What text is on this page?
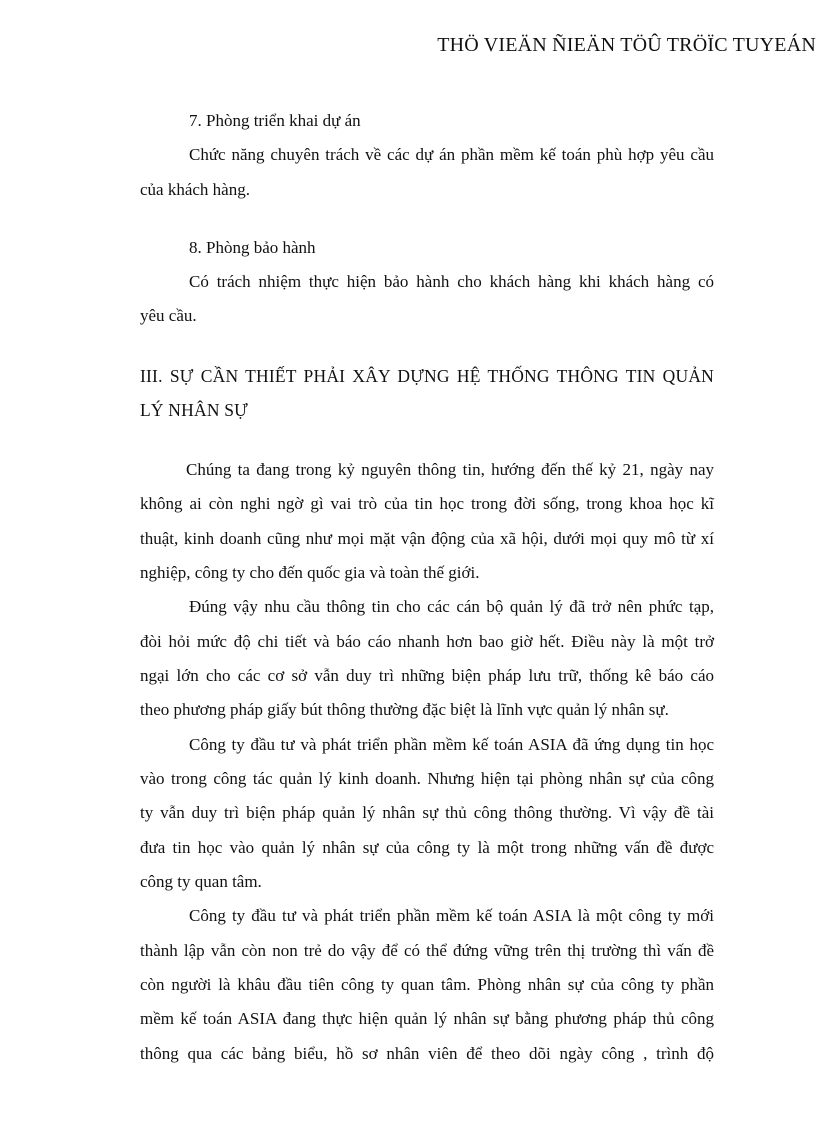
THÖ VIEÄN ÑIEÄN TÖÛ TRÖÏC TUYEÁN
7. Phòng triển khai dự án
Chức năng chuyên trách về các dự án phần mềm kế toán phù hợp yêu cầu
của khách hàng.
8. Phòng bảo hành
Có trách nhiệm thực hiện bảo hành cho khách hàng khi khách hàng có
yêu cầu.
III. SỰ CẦN THIẾT PHẢI XÂY DỰNG HỆ THỐNG THÔNG TIN QUẢN
LÝ NHÂN SỰ
Chúng ta đang trong kỷ nguyên thông tin, hướng đến thế kỷ 21, ngày nay
không ai còn nghi ngờ gì vai trò của tin học trong đời sống, trong khoa học kĩ
thuật, kinh doanh cũng như mọi mặt vận động của xã hội, dưới mọi quy mô từ xí
nghiệp, công ty cho đến quốc gia và toàn thế giới.
Đúng vậy nhu cầu thông tin cho các cán bộ quản lý đã trở nên phức tạp,
đòi hỏi mức độ chi tiết và báo cáo nhanh hơn bao giờ hết. Điều này là một trở
ngại lớn cho các cơ sở vẫn duy trì những biện pháp lưu trữ, thống kê báo cáo
theo phương pháp giấy bút thông thường đặc biệt là lĩnh vực quản lý nhân sự.
Công ty đầu tư và phát triển phần mềm kế toán ASIA đã ứng dụng tin học
vào trong công tác quản lý kinh doanh. Nhưng hiện tại phòng nhân sự của công
ty vẫn duy trì biện pháp quản lý nhân sự thủ công thông thường. Vì vậy đề tài
đưa tin học vào quản lý nhân sự của công ty là một trong những vấn đề được
công ty quan tâm.
Công ty đầu tư và phát triển phần mềm kế toán ASIA là một công ty mới
thành lập vẫn còn non trẻ do vậy để có thể đứng vững trên thị trường thì vấn đề
còn người là khâu đầu tiên công ty quan tâm. Phòng nhân sự của công ty phần
mềm kế toán ASIA đang thực hiện quản lý nhân sự bằng phương pháp thủ công
thông qua các bảng biểu, hồ sơ nhân viên để theo dõi ngày công , trình độ
